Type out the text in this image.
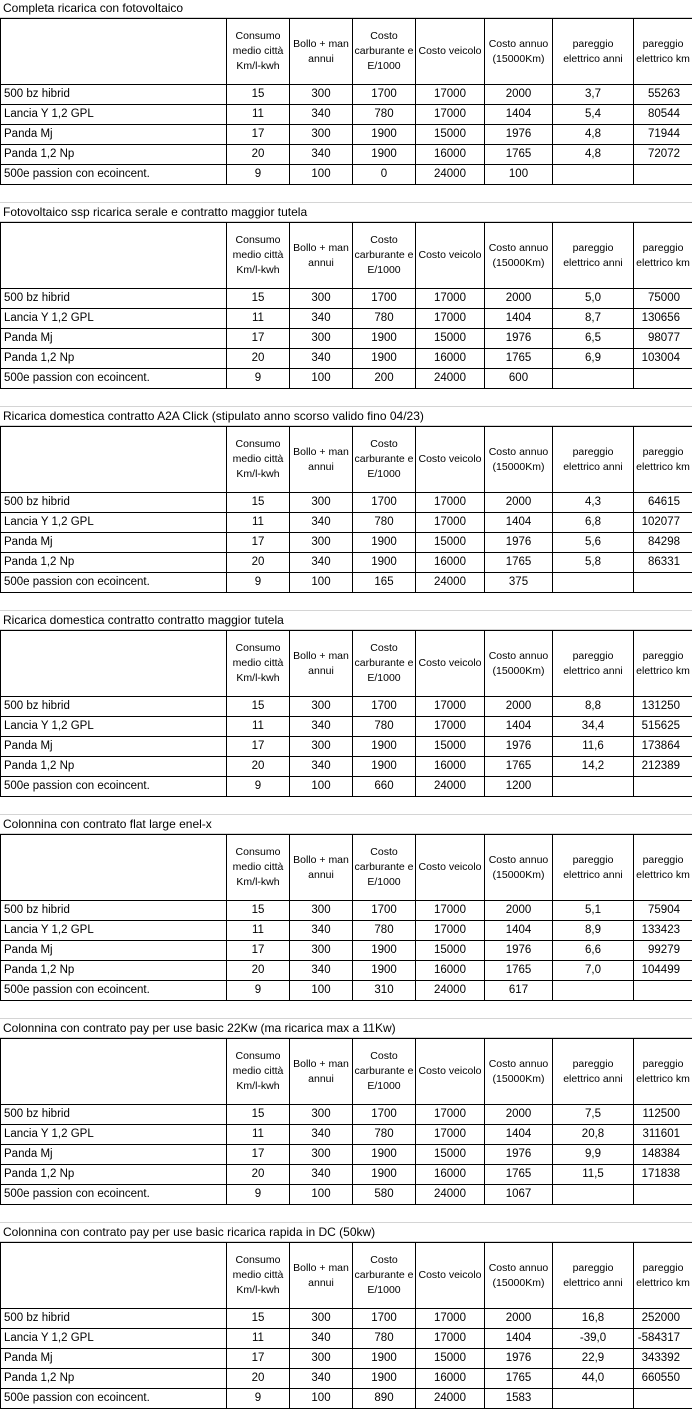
Completa ricarica con fotovoltaico
	Consumo medio città Km/l-kwh	Bollo + man annui	Costo carburante e E/1000	Costo veicolo	Costo annuo (15000Km)	pareggio elettrico anni	pareggio elettrico km
500 bz hibrid	15	300	1700	17000	2000	3,7	55263
Lancia Y 1,2 GPL	11	340	780	17000	1404	5,4	80544
Panda Mj	17	300	1900	15000	1976	4,8	71944
Panda 1,2 Np	20	340	1900	16000	1765	4,8	72072
500e passion con ecoincent.	9	100	0	24000	100		
Fotovoltaico ssp ricarica serale e contratto maggior tutela
	Consumo medio città Km/l-kwh	Bollo + man annui	Costo carburante e E/1000	Costo veicolo	Costo annuo (15000Km)	pareggio elettrico anni	pareggio elettrico km
500 bz hibrid	15	300	1700	17000	2000	5,0	75000
Lancia Y 1,2 GPL	11	340	780	17000	1404	8,7	130656
Panda Mj	17	300	1900	15000	1976	6,5	98077
Panda 1,2 Np	20	340	1900	16000	1765	6,9	103004
500e passion con ecoincent.	9	100	200	24000	600		
Ricarica domestica contratto A2A Click (stipulato anno scorso valido fino 04/23)
	Consumo medio città Km/l-kwh	Bollo + man annui	Costo carburante e E/1000	Costo veicolo	Costo annuo (15000Km)	pareggio elettrico anni	pareggio elettrico km
500 bz hibrid	15	300	1700	17000	2000	4,3	64615
Lancia Y 1,2 GPL	11	340	780	17000	1404	6,8	102077
Panda Mj	17	300	1900	15000	1976	5,6	84298
Panda 1,2 Np	20	340	1900	16000	1765	5,8	86331
500e passion con ecoincent.	9	100	165	24000	375		
Ricarica domestica contratto contratto maggior tutela
	Consumo medio città Km/l-kwh	Bollo + man annui	Costo carburante e E/1000	Costo veicolo	Costo annuo (15000Km)	pareggio elettrico anni	pareggio elettrico km
500 bz hibrid	15	300	1700	17000	2000	8,8	131250
Lancia Y 1,2 GPL	11	340	780	17000	1404	34,4	515625
Panda Mj	17	300	1900	15000	1976	11,6	173864
Panda 1,2 Np	20	340	1900	16000	1765	14,2	212389
500e passion con ecoincent.	9	100	660	24000	1200		
Colonnina con contrato flat large enel-x
	Consumo medio città Km/l-kwh	Bollo + man annui	Costo carburante e E/1000	Costo veicolo	Costo annuo (15000Km)	pareggio elettrico anni	pareggio elettrico km
500 bz hibrid	15	300	1700	17000	2000	5,1	75904
Lancia Y 1,2 GPL	11	340	780	17000	1404	8,9	133423
Panda Mj	17	300	1900	15000	1976	6,6	99279
Panda 1,2 Np	20	340	1900	16000	1765	7,0	104499
500e passion con ecoincent.	9	100	310	24000	617		
Colonnina con contrato pay per use basic 22Kw (ma ricarica max a 11Kw)
	Consumo medio città Km/l-kwh	Bollo + man annui	Costo carburante e E/1000	Costo veicolo	Costo annuo (15000Km)	pareggio elettrico anni	pareggio elettrico km
500 bz hibrid	15	300	1700	17000	2000	7,5	112500
Lancia Y 1,2 GPL	11	340	780	17000	1404	20,8	311601
Panda Mj	17	300	1900	15000	1976	9,9	148384
Panda 1,2 Np	20	340	1900	16000	1765	11,5	171838
500e passion con ecoincent.	9	100	580	24000	1067		
Colonnina con contrato pay per use basic ricarica rapida in DC (50kw)
	Consumo medio città Km/l-kwh	Bollo + man annui	Costo carburante e E/1000	Costo veicolo	Costo annuo (15000Km)	pareggio elettrico anni	pareggio elettrico km
500 bz hibrid	15	300	1700	17000	2000	16,8	252000
Lancia Y 1,2 GPL	11	340	780	17000	1404	-39,0	-584317
Panda Mj	17	300	1900	15000	1976	22,9	343392
Panda 1,2 Np	20	340	1900	16000	1765	44,0	660550
500e passion con ecoincent.	9	100	890	24000	1583		
